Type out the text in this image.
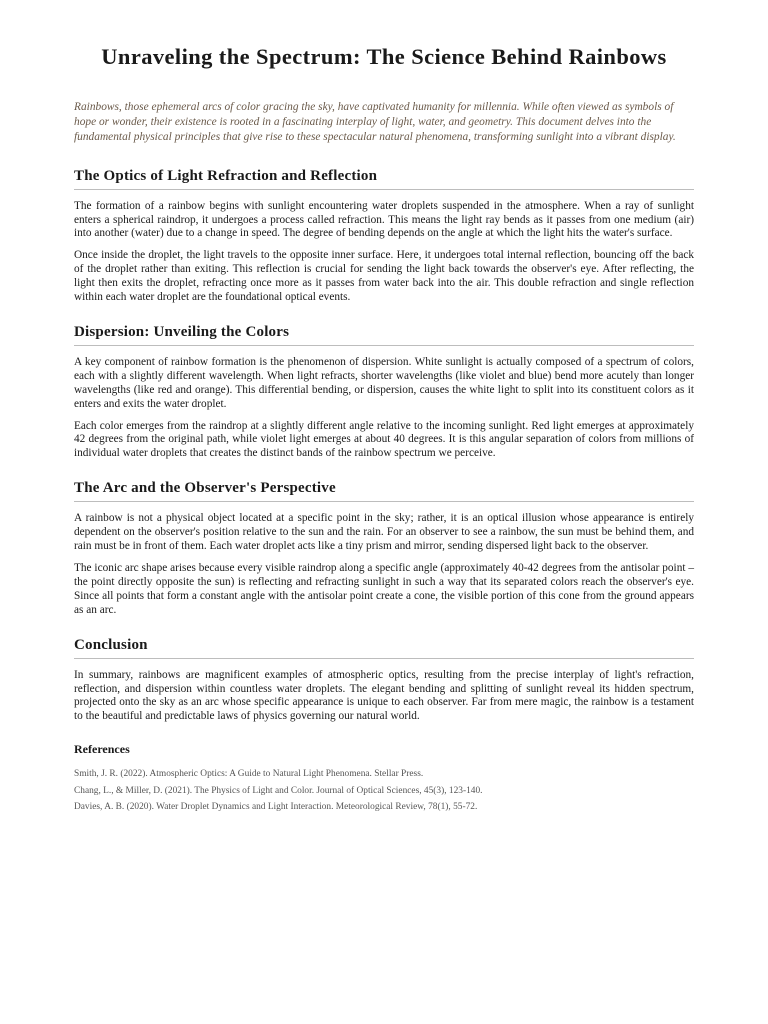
Unraveling the Spectrum: The Science Behind Rainbows

Rainbows, those ephemeral arcs of color gracing the sky, have captivated humanity for millennia. While often viewed as symbols of hope or wonder, their existence is rooted in a fascinating interplay of light, water, and geometry. This document delves into the fundamental physical principles that give rise to these spectacular natural phenomena, transforming sunlight into a vibrant display.

The Optics of Light Refraction and Reflection

The formation of a rainbow begins with sunlight encountering water droplets suspended in the atmosphere. When a ray of sunlight enters a spherical raindrop, it undergoes a process called refraction. This means the light ray bends as it passes from one medium (air) into another (water) due to a change in speed. The degree of bending depends on the angle at which the light hits the water's surface.

Once inside the droplet, the light travels to the opposite inner surface. Here, it undergoes total internal reflection, bouncing off the back of the droplet rather than exiting. This reflection is crucial for sending the light back towards the observer's eye. After reflecting, the light then exits the droplet, refracting once more as it passes from water back into the air. This double refraction and single reflection within each water droplet are the foundational optical events.

Dispersion: Unveiling the Colors

A key component of rainbow formation is the phenomenon of dispersion. White sunlight is actually composed of a spectrum of colors, each with a slightly different wavelength. When light refracts, shorter wavelengths (like violet and blue) bend more acutely than longer wavelengths (like red and orange). This differential bending, or dispersion, causes the white light to split into its constituent colors as it enters and exits the water droplet.

Each color emerges from the raindrop at a slightly different angle relative to the incoming sunlight. Red light emerges at approximately 42 degrees from the original path, while violet light emerges at about 40 degrees. It is this angular separation of colors from millions of individual water droplets that creates the distinct bands of the rainbow spectrum we perceive.

The Arc and the Observer's Perspective

A rainbow is not a physical object located at a specific point in the sky; rather, it is an optical illusion whose appearance is entirely dependent on the observer's position relative to the sun and the rain. For an observer to see a rainbow, the sun must be behind them, and rain must be in front of them. Each water droplet acts like a tiny prism and mirror, sending dispersed light back to the observer.

The iconic arc shape arises because every visible raindrop along a specific angle (approximately 40-42 degrees from the antisolar point – the point directly opposite the sun) is reflecting and refracting sunlight in such a way that its separated colors reach the observer's eye. Since all points that form a constant angle with the antisolar point create a cone, the visible portion of this cone from the ground appears as an arc.

Conclusion

In summary, rainbows are magnificent examples of atmospheric optics, resulting from the precise interplay of light's refraction, reflection, and dispersion within countless water droplets. The elegant bending and splitting of sunlight reveal its hidden spectrum, projected onto the sky as an arc whose specific appearance is unique to each observer. Far from mere magic, the rainbow is a testament to the beautiful and predictable laws of physics governing our natural world.

References
Smith, J. R. (2022). Atmospheric Optics: A Guide to Natural Light Phenomena. Stellar Press.
Chang, L., & Miller, D. (2021). The Physics of Light and Color. Journal of Optical Sciences, 45(3), 123-140.
Davies, A. B. (2020). Water Droplet Dynamics and Light Interaction. Meteorological Review, 78(1), 55-72.
